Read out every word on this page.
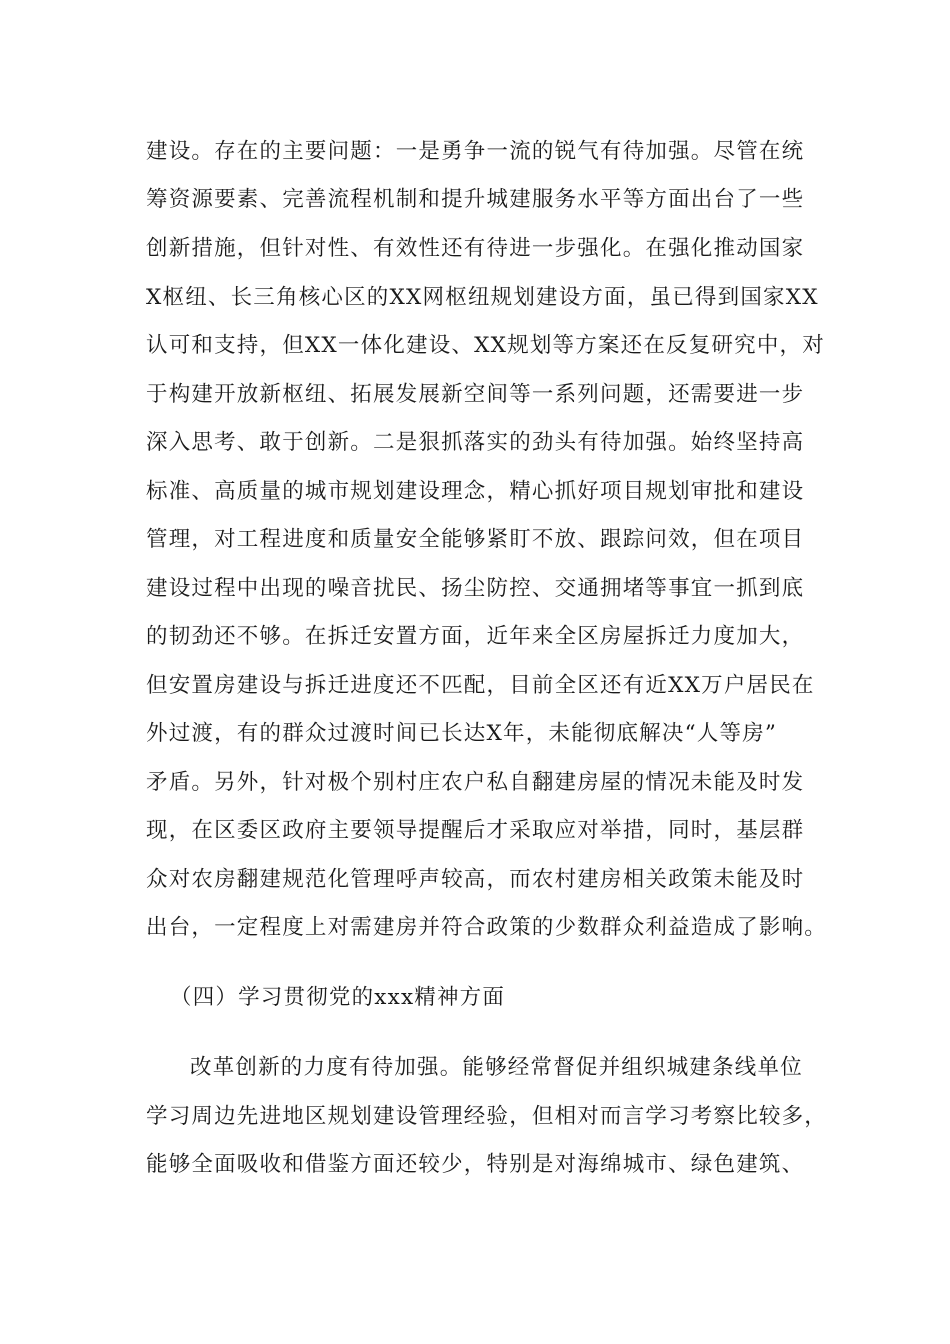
建设。存在的主要问题：一是勇争一流的锐气有待加强。尽管在统
筹资源要素、完善流程机制和提升城建服务水平等方面出台了一些
创新措施，但针对性、有效性还有待进一步强化。在强化推动国家
X枢纽、长三角核心区的XX网枢纽规划建设方面，虽已得到国家XX
认可和支持，但XX一体化建设、XX规划等方案还在反复研究中，对
于构建开放新枢纽、拓展发展新空间等一系列问题，还需要进一步
深入思考、敢于创新。二是狠抓落实的劲头有待加强。始终坚持高
标准、高质量的城市规划建设理念，精心抓好项目规划审批和建设
管理，对工程进度和质量安全能够紧盯不放、跟踪问效，但在项目
建设过程中出现的噪音扰民、扬尘防控、交通拥堵等事宜一抓到底
的韧劲还不够。在拆迁安置方面，近年来全区房屋拆迁力度加大，
但安置房建设与拆迁进度还不匹配，目前全区还有近XX万户居民在
外过渡，有的群众过渡时间已长达X年，未能彻底解决“人等房”
矛盾。另外，针对极个别村庄农户私自翻建房屋的情况未能及时发
现，在区委区政府主要领导提醒后才采取应对举措，同时，基层群
众对农房翻建规范化管理呼声较高，而农村建房相关政策未能及时
出台，一定程度上对需建房并符合政策的少数群众利益造成了影响。
（四）学习贯彻党的xxx精神方面
改革创新的力度有待加强。能够经常督促并组织城建条线单位
学习周边先进地区规划建设管理经验，但相对而言学习考察比较多，
能够全面吸收和借鉴方面还较少，特别是对海绵城市、绿色建筑、
